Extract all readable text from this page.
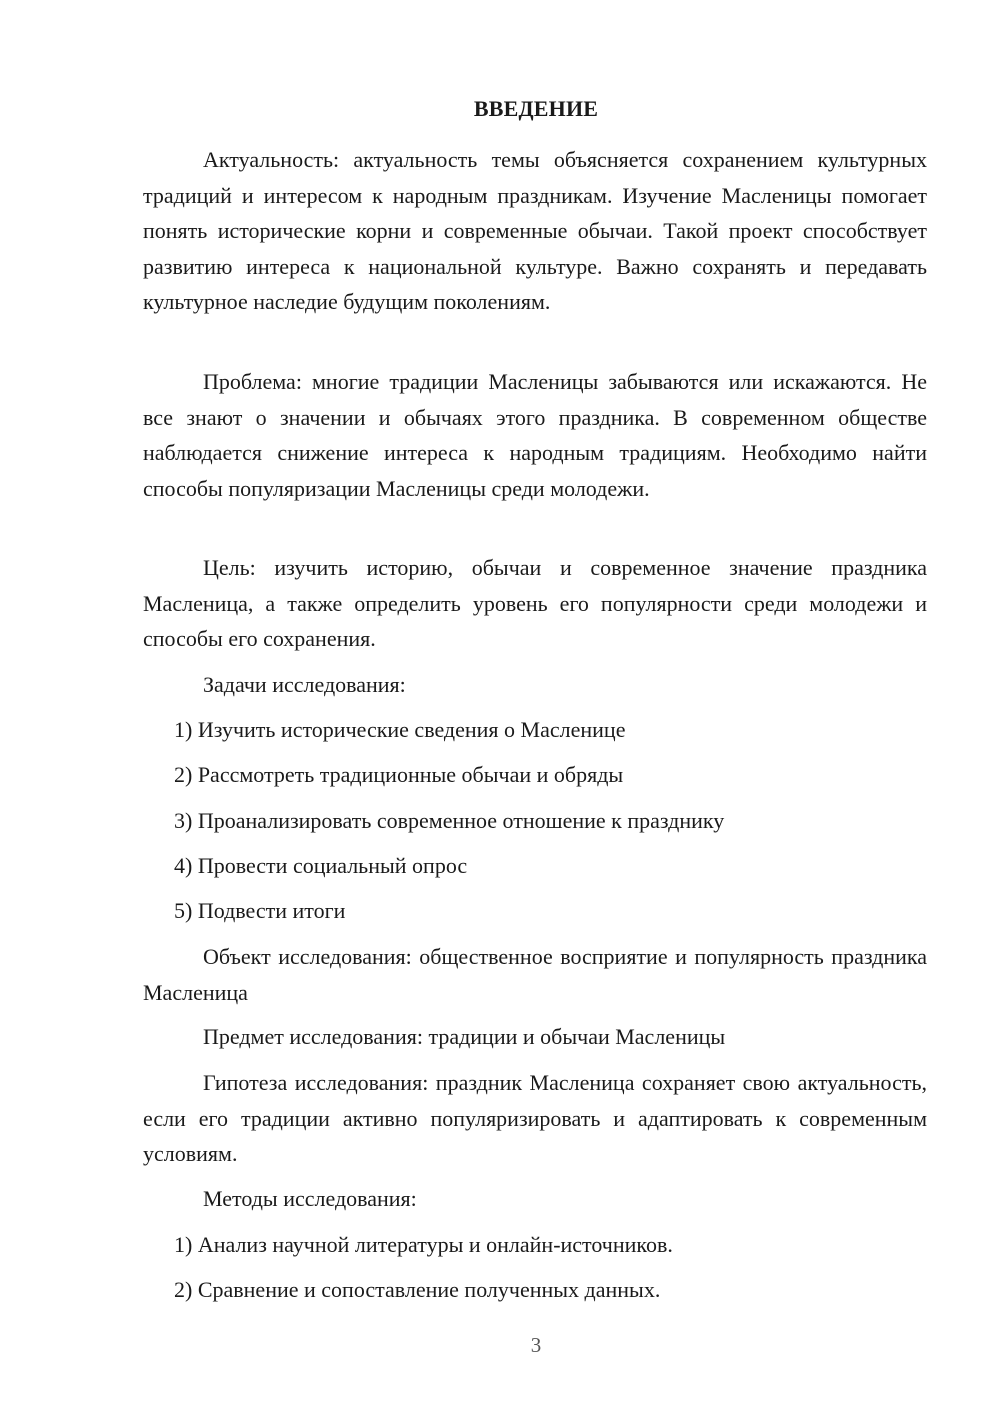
ВВЕДЕНИЕ

Актуальность: актуальность темы объясняется сохранением культурных традиций и интересом к народным праздникам. Изучение Масленицы помогает понять исторические корни и современные обычаи. Такой проект способствует развитию интереса к национальной культуре. Важно сохранять и передавать культурное наследие будущим поколениям.

Проблема: многие традиции Масленицы забываются или искажаются. Не все знают о значении и обычаях этого праздника. В современном обществе наблюдается снижение интереса к народным традициям. Необходимо найти способы популяризации Масленицы среди молодежи.

Цель: изучить историю, обычаи и современное значение праздника Масленица, а также определить уровень его популярности среди молодежи и способы его сохранения.

Задачи исследования:

1) Изучить исторические сведения о Масленице

2) Рассмотреть традиционные обычаи и обряды

3) Проанализировать современное отношение к празднику

4) Провести социальный опрос

5) Подвести итоги

Объект исследования: общественное восприятие и популярность праздника Масленица

Предмет исследования: традиции и обычаи Масленицы

Гипотеза исследования: праздник Масленица сохраняет свою актуальность, если его традиции активно популяризировать и адаптировать к современным условиям.

Методы исследования:

1) Анализ научной литературы и онлайн-источников.

2) Сравнение и сопоставление полученных данных.

3
